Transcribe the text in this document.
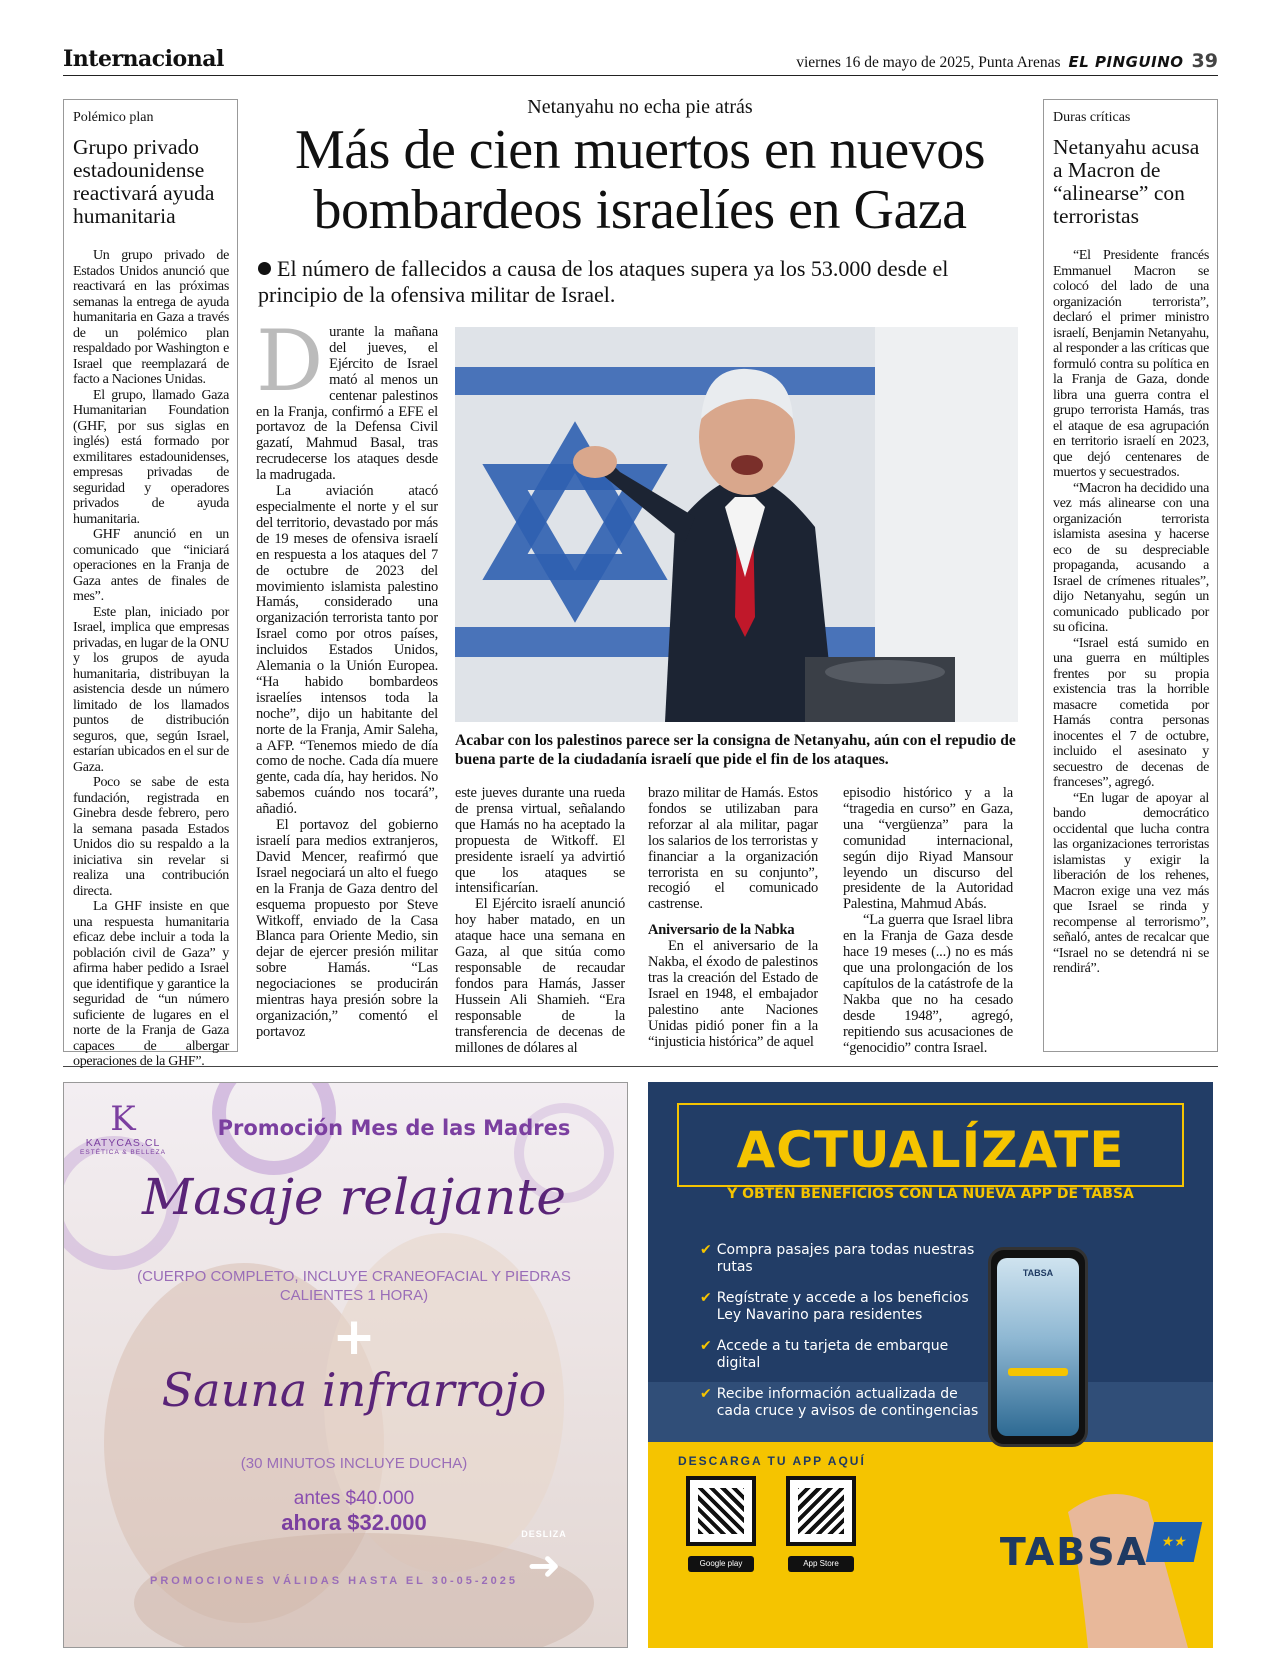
Internacional	viernes 16 de mayo de 2025, Punta Arenas EL PINGUINO 39
Polémico plan
Grupo privado estadounidense reactivará ayuda humanitaria

Un grupo privado de Estados Unidos anunció que reactivará en las próximas semanas la entrega de ayuda humanitaria en Gaza a través de un polémico plan respaldado por Washington e Israel que reemplazará de facto a Naciones Unidas.

El grupo, llamado Gaza Humanitarian Foundation (GHF, por sus siglas en inglés) está formado por exmilitares estadounidenses, empresas privadas de seguridad y operadores privados de ayuda humanitaria.

GHF anunció en un comunicado que “iniciará operaciones en la Franja de Gaza antes de finales de mes”.

Este plan, iniciado por Israel, implica que empresas privadas, en lugar de la ONU y los grupos de ayuda humanitaria, distribuyan la asistencia desde un número limitado de los llamados puntos de distribución seguros, que, según Israel, estarían ubicados en el sur de Gaza.

Poco se sabe de esta fundación, registrada en Ginebra desde febrero, pero la semana pasada Estados Unidos dio su respaldo a la iniciativa sin revelar si realiza una contribución directa.

La GHF insiste en que una respuesta humanitaria eficaz debe incluir a toda la población civil de Gaza” y afirma haber pedido a Israel que identifique y garantice la seguridad de “un número suficiente de lugares en el norte de la Franja de Gaza capaces de albergar operaciones de la GHF”.

Duras críticas
Netanyahu acusa a Macron de “alinearse” con terroristas

“El Presidente francés Emmanuel Macron se colocó del lado de una organización terrorista”, declaró el primer ministro israelí, Benjamin Netanyahu, al responder a las críticas que formuló contra su política en la Franja de Gaza, donde libra una guerra contra el grupo terrorista Hamás, tras el ataque de esa agrupación en territorio israelí en 2023, que dejó centenares de muertos y secuestrados.

“Macron ha decidido una vez más alinearse con una organización terrorista islamista asesina y hacerse eco de su despreciable propaganda, acusando a Israel de crímenes rituales”, dijo Netanyahu, según un comunicado publicado por su oficina.

“Israel está sumido en una guerra en múltiples frentes por su propia existencia tras la horrible masacre cometida por Hamás contra personas inocentes el 7 de octubre, incluido el asesinato y secuestro de decenas de franceses”, agregó.

“En lugar de apoyar al bando democrático occidental que lucha contra las organizaciones terroristas islamistas y exigir la liberación de los rehenes, Macron exige una vez más que Israel se rinda y recompense al terrorismo”, señaló, antes de recalcar que “Israel no se detendrá ni se rendirá”.

Netanyahu no echa pie atrás
Más de cien muertos en nuevos bombardeos israelíes en Gaza
El número de fallecidos a causa de los ataques supera ya los 53.000 desde el principio de la ofensiva militar de Israel.

Durante la mañana del jueves, el Ejército de Israel mató al menos un centenar palestinos en la Franja, confirmó a EFE el portavoz de la Defensa Civil gazatí, Mahmud Basal, tras recrudecerse los ataques desde la madrugada.

La aviación atacó especialmente el norte y el sur del territorio, devastado por más de 19 meses de ofensiva israelí en respuesta a los ataques del 7 de octubre de 2023 del movimiento islamista palestino Hamás, considerado una organización terrorista tanto por Israel como por otros países, incluidos Estados Unidos, Alemania o la Unión Europea. “Ha habido bombardeos israelíes intensos toda la noche”, dijo un habitante del norte de la Franja, Amir Saleha, a AFP. “Tenemos miedo de día como de noche. Cada día muere gente, cada día, hay heridos. No sabemos cuándo nos tocará”, añadió.

El portavoz del gobierno israelí para medios extranjeros, David Mencer, reafirmó que Israel negociará un alto el fuego en la Franja de Gaza dentro del esquema propuesto por Steve Witkoff, enviado de la Casa Blanca para Oriente Medio, sin dejar de ejercer presión militar sobre Hamás. “Las negociaciones se producirán mientras haya presión sobre la organización,” comentó el portavoz

Acabar con los palestinos parece ser la consigna de Netanyahu, aún con el repudio de buena parte de la ciudadanía israelí que pide el fin de los ataques.

este jueves durante una rueda de prensa virtual, señalando que Hamás no ha aceptado la propuesta de Witkoff. El presidente israelí ya advirtió que los ataques se intensificarían.

El Ejército israelí anunció hoy haber matado, en un ataque hace una semana en Gaza, al que sitúa como responsable de recaudar fondos para Hamás, Jasser Hussein Ali Shamieh. “Era responsable de la transferencia de decenas de millones de dólares al

brazo militar de Hamás. Estos fondos se utilizaban para reforzar al ala militar, pagar los salarios de los terroristas y financiar a la organización terrorista en su conjunto”, recogió el comunicado castrense.

Aniversario de la Nabka

En el aniversario de la Nakba, el éxodo de palestinos tras la creación del Estado de Israel en 1948, el embajador palestino ante Naciones Unidas pidió poner fin a la “injusticia histórica” de aquel

episodio histórico y a la “tragedia en curso” en Gaza, una “vergüenza” para la comunidad internacional, según dijo Riyad Mansour leyendo un discurso del presidente de la Autoridad Palestina, Mahmud Abás.

“La guerra que Israel libra en la Franja de Gaza desde hace 19 meses (...) no es más que una prolongación de los capítulos de la catástrofe de la Nakba que no ha cesado desde 1948”, agregó, repitiendo sus acusaciones de “genocidio” contra Israel.

K
KATYCAS.CL
ESTÉTICA & BELLEZA
Promoción Mes de las Madres
Masaje relajante
(CUERPO COMPLETO, INCLUYE CRANEOFACIAL Y PIEDRAS CALIENTES 1 HORA)
+
Sauna infrarrojo
(30 MINUTOS INCLUYE DUCHA)
antes $40.000
ahora $32.000	DESLIZA
➜
PROMOCIONES VÁLIDAS HASTA EL 30-05-2025
ACTUALÍZATE
Y OBTÉN BENEFICIOS CON LA NUEVA APP DE TABSA
✔ Compra pasajes para todas nuestras rutas
✔ Regístrate y accede a los beneficios Ley Navarino para residentes
✔ Accede a tu tarjeta de embarque digital
✔ Recibe información actualizada de cada cruce y avisos de contingencias
TABSA
DESCARGA TU APP AQUÍ
Google play	App Store	TABSA ★★
